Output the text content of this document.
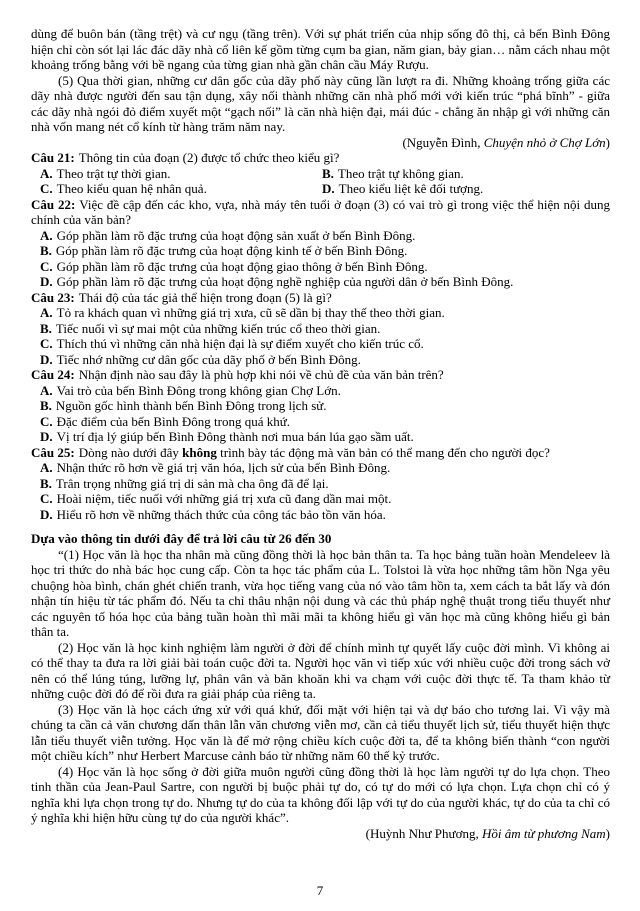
dùng để buôn bán (tầng trệt) và cư ngụ (tầng trên). Với sự phát triển của nhịp sống đô thị, cả bến Bình Đông hiện chỉ còn sót lại lác đác dãy nhà cổ liên kế gồm từng cụm ba gian, năm gian, bảy gian… nằm cách nhau một khoảng trống bằng với bề ngang của từng gian nhà gần chân cầu Máy Rượu.

(5) Qua thời gian, những cư dân gốc của dãy phố này cũng lần lượt ra đi. Những khoảng trống giữa các dãy nhà được người đến sau tận dụng, xây nối thành những căn nhà phố mới với kiến trúc “phá bĩnh” - giữa các dãy nhà ngói đỏ điểm xuyết một “gạch nối” là căn nhà hiện đại, mái đúc - chẳng ăn nhập gì với những căn nhà vốn mang nét cổ kính từ hàng trăm năm nay.

(Nguyễn Đình, Chuyện nhỏ ở Chợ Lớn)

Câu 21: Thông tin của đoạn (2) được tổ chức theo kiểu gì?

A. Theo trật tự thời gian.	B. Theo trật tự không gian.
C. Theo kiểu quan hệ nhân quả.	D. Theo kiểu liệt kê đối tượng.

Câu 22: Việc đề cập đến các kho, vựa, nhà máy tên tuổi ở đoạn (3) có vai trò gì trong việc thể hiện nội dung chính của văn bản?

A. Góp phần làm rõ đặc trưng của hoạt động sản xuất ở bến Bình Đông.
B. Góp phần làm rõ đặc trưng của hoạt động kinh tế ở bến Bình Đông.
C. Góp phần làm rõ đặc trưng của hoạt động giao thông ở bến Bình Đông.
D. Góp phần làm rõ đặc trưng của hoạt động nghề nghiệp của người dân ở bến Bình Đông.

Câu 23: Thái độ của tác giả thể hiện trong đoạn (5) là gì?

A. Tỏ ra khách quan vì những giá trị xưa, cũ sẽ dần bị thay thế theo thời gian.
B. Tiếc nuối vì sự mai một của những kiến trúc cổ theo thời gian.
C. Thích thú vì những căn nhà hiện đại là sự điểm xuyết cho kiến trúc cổ.
D. Tiếc nhớ những cư dân gốc của dãy phố ở bến Bình Đông.

Câu 24: Nhận định nào sau đây là phù hợp khi nói về chủ đề của văn bản trên?

A. Vai trò của bến Bình Đông trong không gian Chợ Lớn.
B. Nguồn gốc hình thành bến Bình Đông trong lịch sử.
C. Đặc điểm của bến Bình Đông trong quá khứ.
D. Vị trí địa lý giúp bến Bình Đông thành nơi mua bán lúa gạo sầm uất.

Câu 25: Dòng nào dưới đây không trình bày tác động mà văn bản có thể mang đến cho người đọc?

A. Nhận thức rõ hơn về giá trị văn hóa, lịch sử của bến Bình Đông.
B. Trân trọng những giá trị di sản mà cha ông đã để lại.
C. Hoài niệm, tiếc nuối với những giá trị xưa cũ đang dần mai một.
D. Hiểu rõ hơn về những thách thức của công tác bảo tồn văn hóa.

Dựa vào thông tin dưới đây để trả lời câu từ 26 đến 30

“(1) Học văn là học tha nhân mà cũng đồng thời là học bản thân ta. Ta học bảng tuần hoàn Mendeleev là học tri thức do nhà bác học cung cấp. Còn ta học tác phẩm của L. Tolstoi là vừa học những tâm hồn Nga yêu chuộng hòa bình, chán ghét chiến tranh, vừa học tiếng vang của nó vào tâm hồn ta, xem cách ta bắt lấy và đón nhận tín hiệu từ tác phẩm đó. Nếu ta chỉ thâu nhận nội dung và các thủ pháp nghệ thuật trong tiểu thuyết như các nguyên tố hóa học của bảng tuần hoàn thì mãi mãi ta không hiểu gì văn học mà cũng không hiểu gì bản thân ta.

(2) Học văn là học kinh nghiệm làm người ở đời để chính mình tự quyết lấy cuộc đời mình. Vì không ai có thể thay ta đưa ra lời giải bài toán cuộc đời ta. Người học văn vì tiếp xúc với nhiều cuộc đời trong sách vở nên có thể lúng túng, lưỡng lự, phân vân và băn khoăn khi va chạm với cuộc đời thực tế. Ta tham khảo từ những cuộc đời đó để rồi đưa ra giải pháp của riêng ta.

(3) Học văn là học cách ứng xử với quá khứ, đối mặt với hiện tại và dự báo cho tương lai. Vì vậy mà chúng ta cần cả văn chương dấn thân lẫn văn chương viễn mơ, cần cả tiểu thuyết lịch sử, tiểu thuyết hiện thực lẫn tiểu thuyết viễn tưởng. Học văn là để mở rộng chiều kích cuộc đời ta, để ta không biến thành “con người một chiều kích” như Herbert Marcuse cảnh báo từ những năm 60 thế kỷ trước.

(4) Học văn là học sống ở đời giữa muôn người cũng đồng thời là học làm người tự do lựa chọn. Theo tinh thần của Jean-Paul Sartre, con người bị buộc phải tự do, có tự do mới có lựa chọn. Lựa chọn chỉ có ý nghĩa khi lựa chọn trong tự do. Nhưng tự do của ta không đối lập với tự do của người khác, tự do của ta chỉ có ý nghĩa khi hiện hữu cùng tự do của người khác”.

(Huỳnh Như Phương, Hồi âm từ phương Nam)

7
